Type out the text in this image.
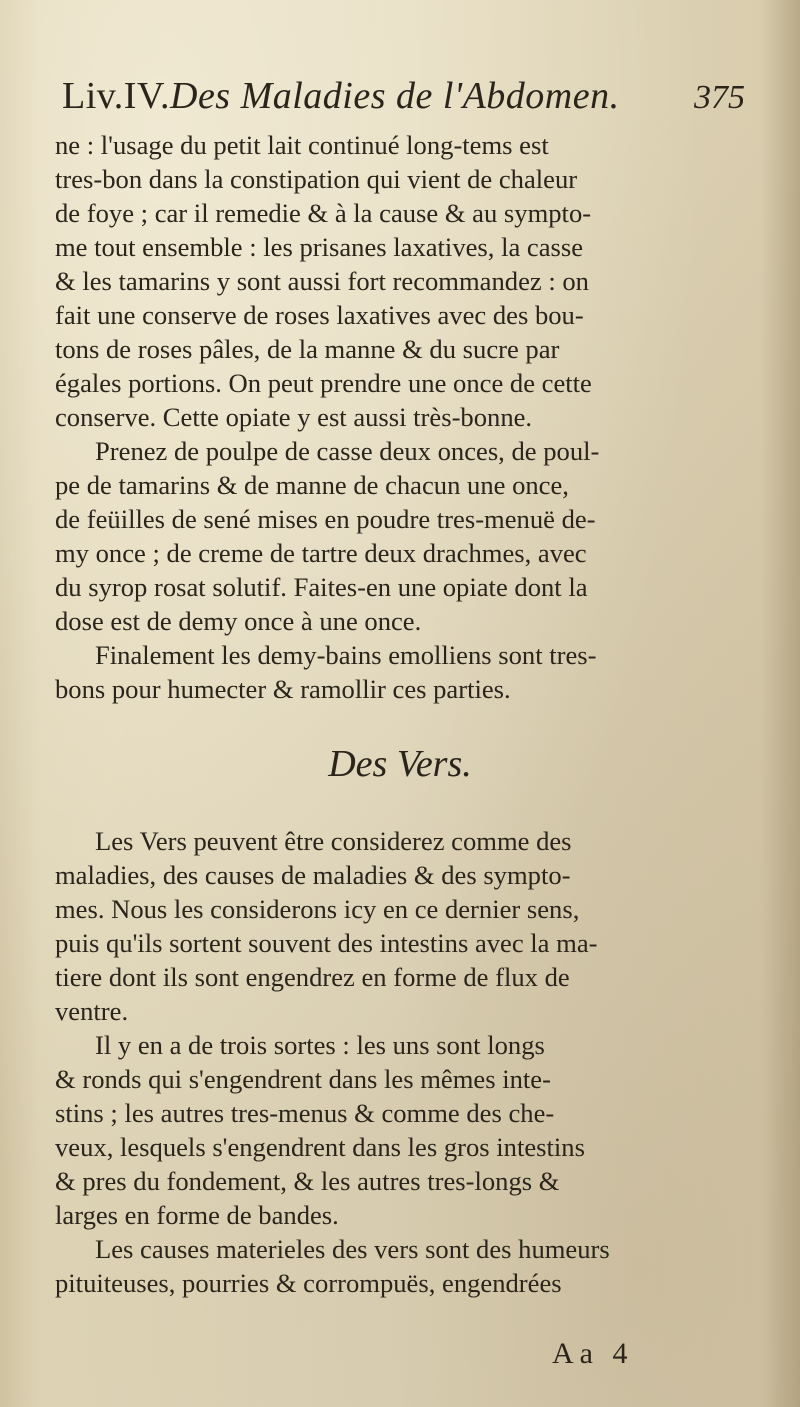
Liv.IV.Des Maladies de l'Abdomen. 375
ne : l'usage du petit lait continué long-tems est
tres-bon dans la constipation qui vient de chaleur
de foye ; car il remedie & à la cause & au sympto-
me tout ensemble : les prisanes laxatives, la casse
& les tamarins y sont aussi fort recommandez : on
fait une conserve de roses laxatives avec des bou-
tons de roses pâles, de la manne & du sucre par
égales portions. On peut prendre une once de cette
conserve. Cette opiate y est aussi très-bonne.
Prenez de poulpe de casse deux onces, de poul-
pe de tamarins & de manne de chacun une once,
de feüilles de sené mises en poudre tres-menuë de-
my once ; de creme de tartre deux drachmes, avec
du syrop rosat solutif. Faites-en une opiate dont la
dose est de demy once à une once.
Finalement les demy-bains emolliens sont tres-
bons pour humecter & ramollir ces parties.
Des Vers.
Les Vers peuvent être considerez comme des
maladies, des causes de maladies & des sympto-
mes. Nous les considerons icy en ce dernier sens,
puis qu'ils sortent souvent des intestins avec la ma-
tiere dont ils sont engendrez en forme de flux de
ventre.
Il y en a de trois sortes : les uns sont longs
& ronds qui s'engendrent dans les mêmes inte-
stins ; les autres tres-menus & comme des che-
veux, lesquels s'engendrent dans les gros intestins
& pres du fondement, & les autres tres-longs &
larges en forme de bandes.
Les causes materieles des vers sont des humeurs
pituiteuses, pourries & corrompuës, engendrées
Aa 4
